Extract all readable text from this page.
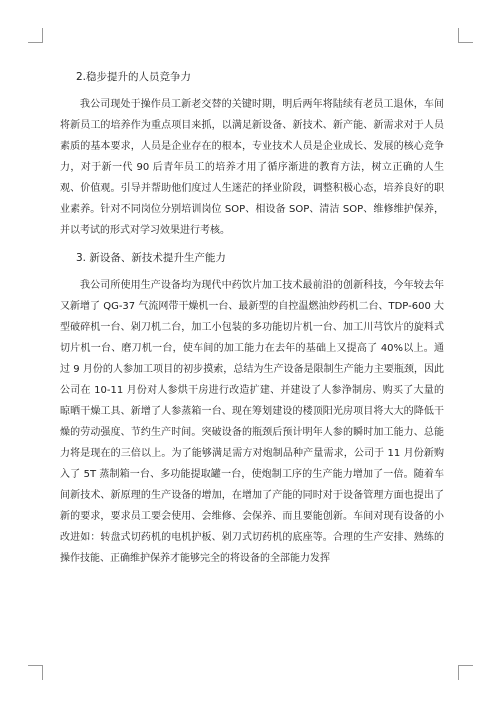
2.稳步提升的人员竞争力

我公司现处于操作员工新老交替的关键时期，明后两年将陆续有老员工退休，车间将新员工的培养作为重点项目来抓，以满足新设备、新技术、新产能、新需求对于人员素质的基本要求，人员是企业存在的根本，专业技术人员是企业成长、发展的核心竞争力，对于新一代 90 后青年员工的培养才用了循序渐进的教育方法，树立正确的人生观、价值观。引导并帮助他们度过人生迷茫的择业阶段，调整积极心态，培养良好的职业素养。针对不同岗位分别培训岗位 SOP、相设备 SOP、清洁 SOP、维修维护保养，并以考试的形式对学习效果进行考核。

3. 新设备、新技术提升生产能力

我公司所使用生产设备均为现代中药饮片加工技术最前沿的创新科技，今年较去年又新增了 QG-37 气流网带干燥机一台、最新型的自控温燃油炒药机二台、TDP-600 大型破碎机一台、剁刀机二台，加工小包装的多功能切片机一台、加工川芎饮片的旋料式切片机一台、磨刀机一台，使车间的加工能力在去年的基础上又提高了 40%以上。通过 9 月份的人参加工项目的初步摸索，总结为生产设备是限制生产能力主要瓶颈，因此公司在 10-11 月份对人参烘干房进行改造扩建、并建设了人参浄制房、购买了大量的晾晒干燥工具、新增了人参蒸箱一台、现在筹划建设的楼顶阳光房项目将大大的降低干燥的劳动强度、节约生产时间。突破设备的瓶颈后预计明年人参的瞬时加工能力、总能力将是现在的三倍以上。为了能够满足需方对炮制品种产量需求，公司于 11 月份新购入了 5T 蒸制箱一台、多功能提取罐一台，使炮制工序的生产能力增加了一倍。随着车间新技术、新原理的生产设备的增加，在增加了产能的同时对于设备管理方面也提出了新的要求，要求员工要会使用、会维修、会保养、而且要能创新。车间对现有设备的小改进如：转盘式切药机的电机护板、剁刀式切药机的底座等。合理的生产安排、熟练的操作技能、正确维护保养才能够完全的将设备的全部能力发挥
